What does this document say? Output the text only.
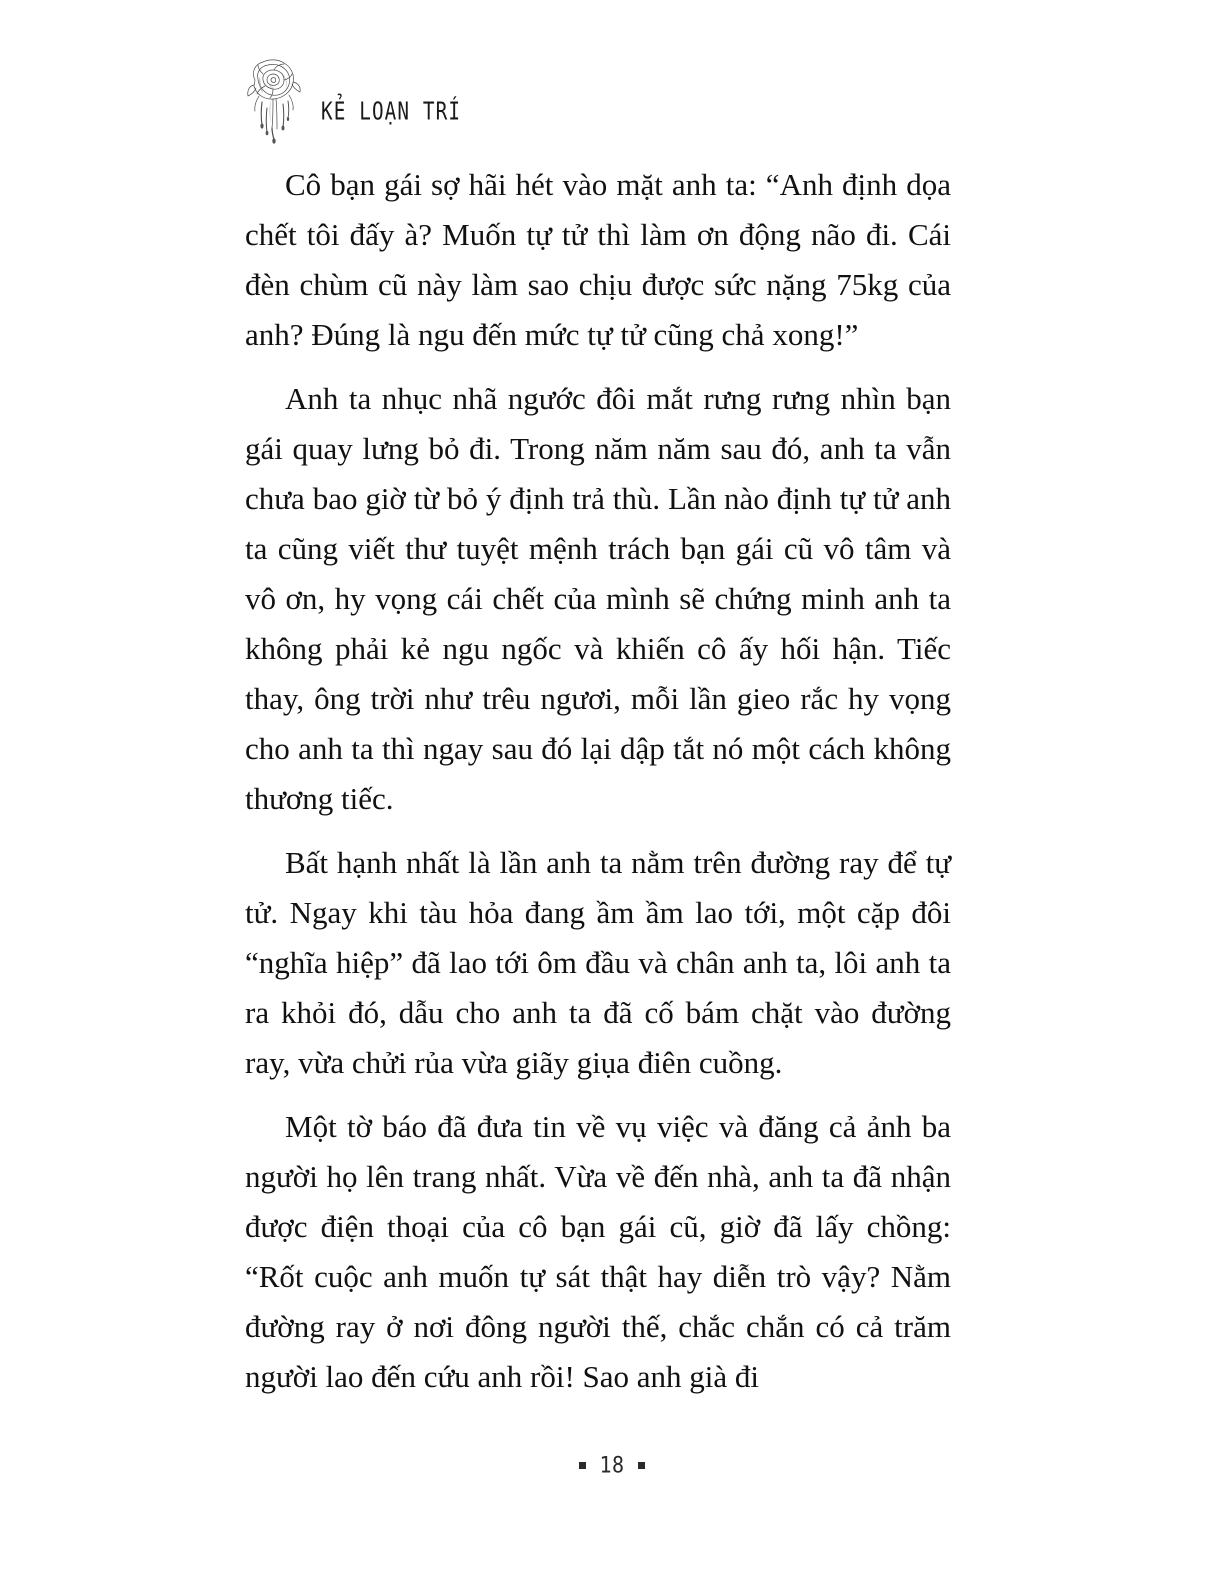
KẺ LOẠN TRÍ

Cô bạn gái sợ hãi hét vào mặt anh ta: “Anh định dọa chết tôi đấy à? Muốn tự tử thì làm ơn động não đi. Cái đèn chùm cũ này làm sao chịu được sức nặng 75kg của anh? Đúng là ngu đến mức tự tử cũng chả xong!”

Anh ta nhục nhã ngước đôi mắt rưng rưng nhìn bạn gái quay lưng bỏ đi. Trong năm năm sau đó, anh ta vẫn chưa bao giờ từ bỏ ý định trả thù. Lần nào định tự tử anh ta cũng viết thư tuyệt mệnh trách bạn gái cũ vô tâm và vô ơn, hy vọng cái chết của mình sẽ chứng minh anh ta không phải kẻ ngu ngốc và khiến cô ấy hối hận. Tiếc thay, ông trời như trêu ngươi, mỗi lần gieo rắc hy vọng cho anh ta thì ngay sau đó lại dập tắt nó một cách không thương tiếc.

Bất hạnh nhất là lần anh ta nằm trên đường ray để tự tử. Ngay khi tàu hỏa đang ầm ầm lao tới, một cặp đôi “nghĩa hiệp” đã lao tới ôm đầu và chân anh ta, lôi anh ta ra khỏi đó, dẫu cho anh ta đã cố bám chặt vào đường ray, vừa chửi rủa vừa giãy giụa điên cuồng.

Một tờ báo đã đưa tin về vụ việc và đăng cả ảnh ba người họ lên trang nhất. Vừa về đến nhà, anh ta đã nhận được điện thoại của cô bạn gái cũ, giờ đã lấy chồng: “Rốt cuộc anh muốn tự sát thật hay diễn trò vậy? Nằm đường ray ở nơi đông người thế, chắc chắn có cả trăm người lao đến cứu anh rồi! Sao anh già đi

18
